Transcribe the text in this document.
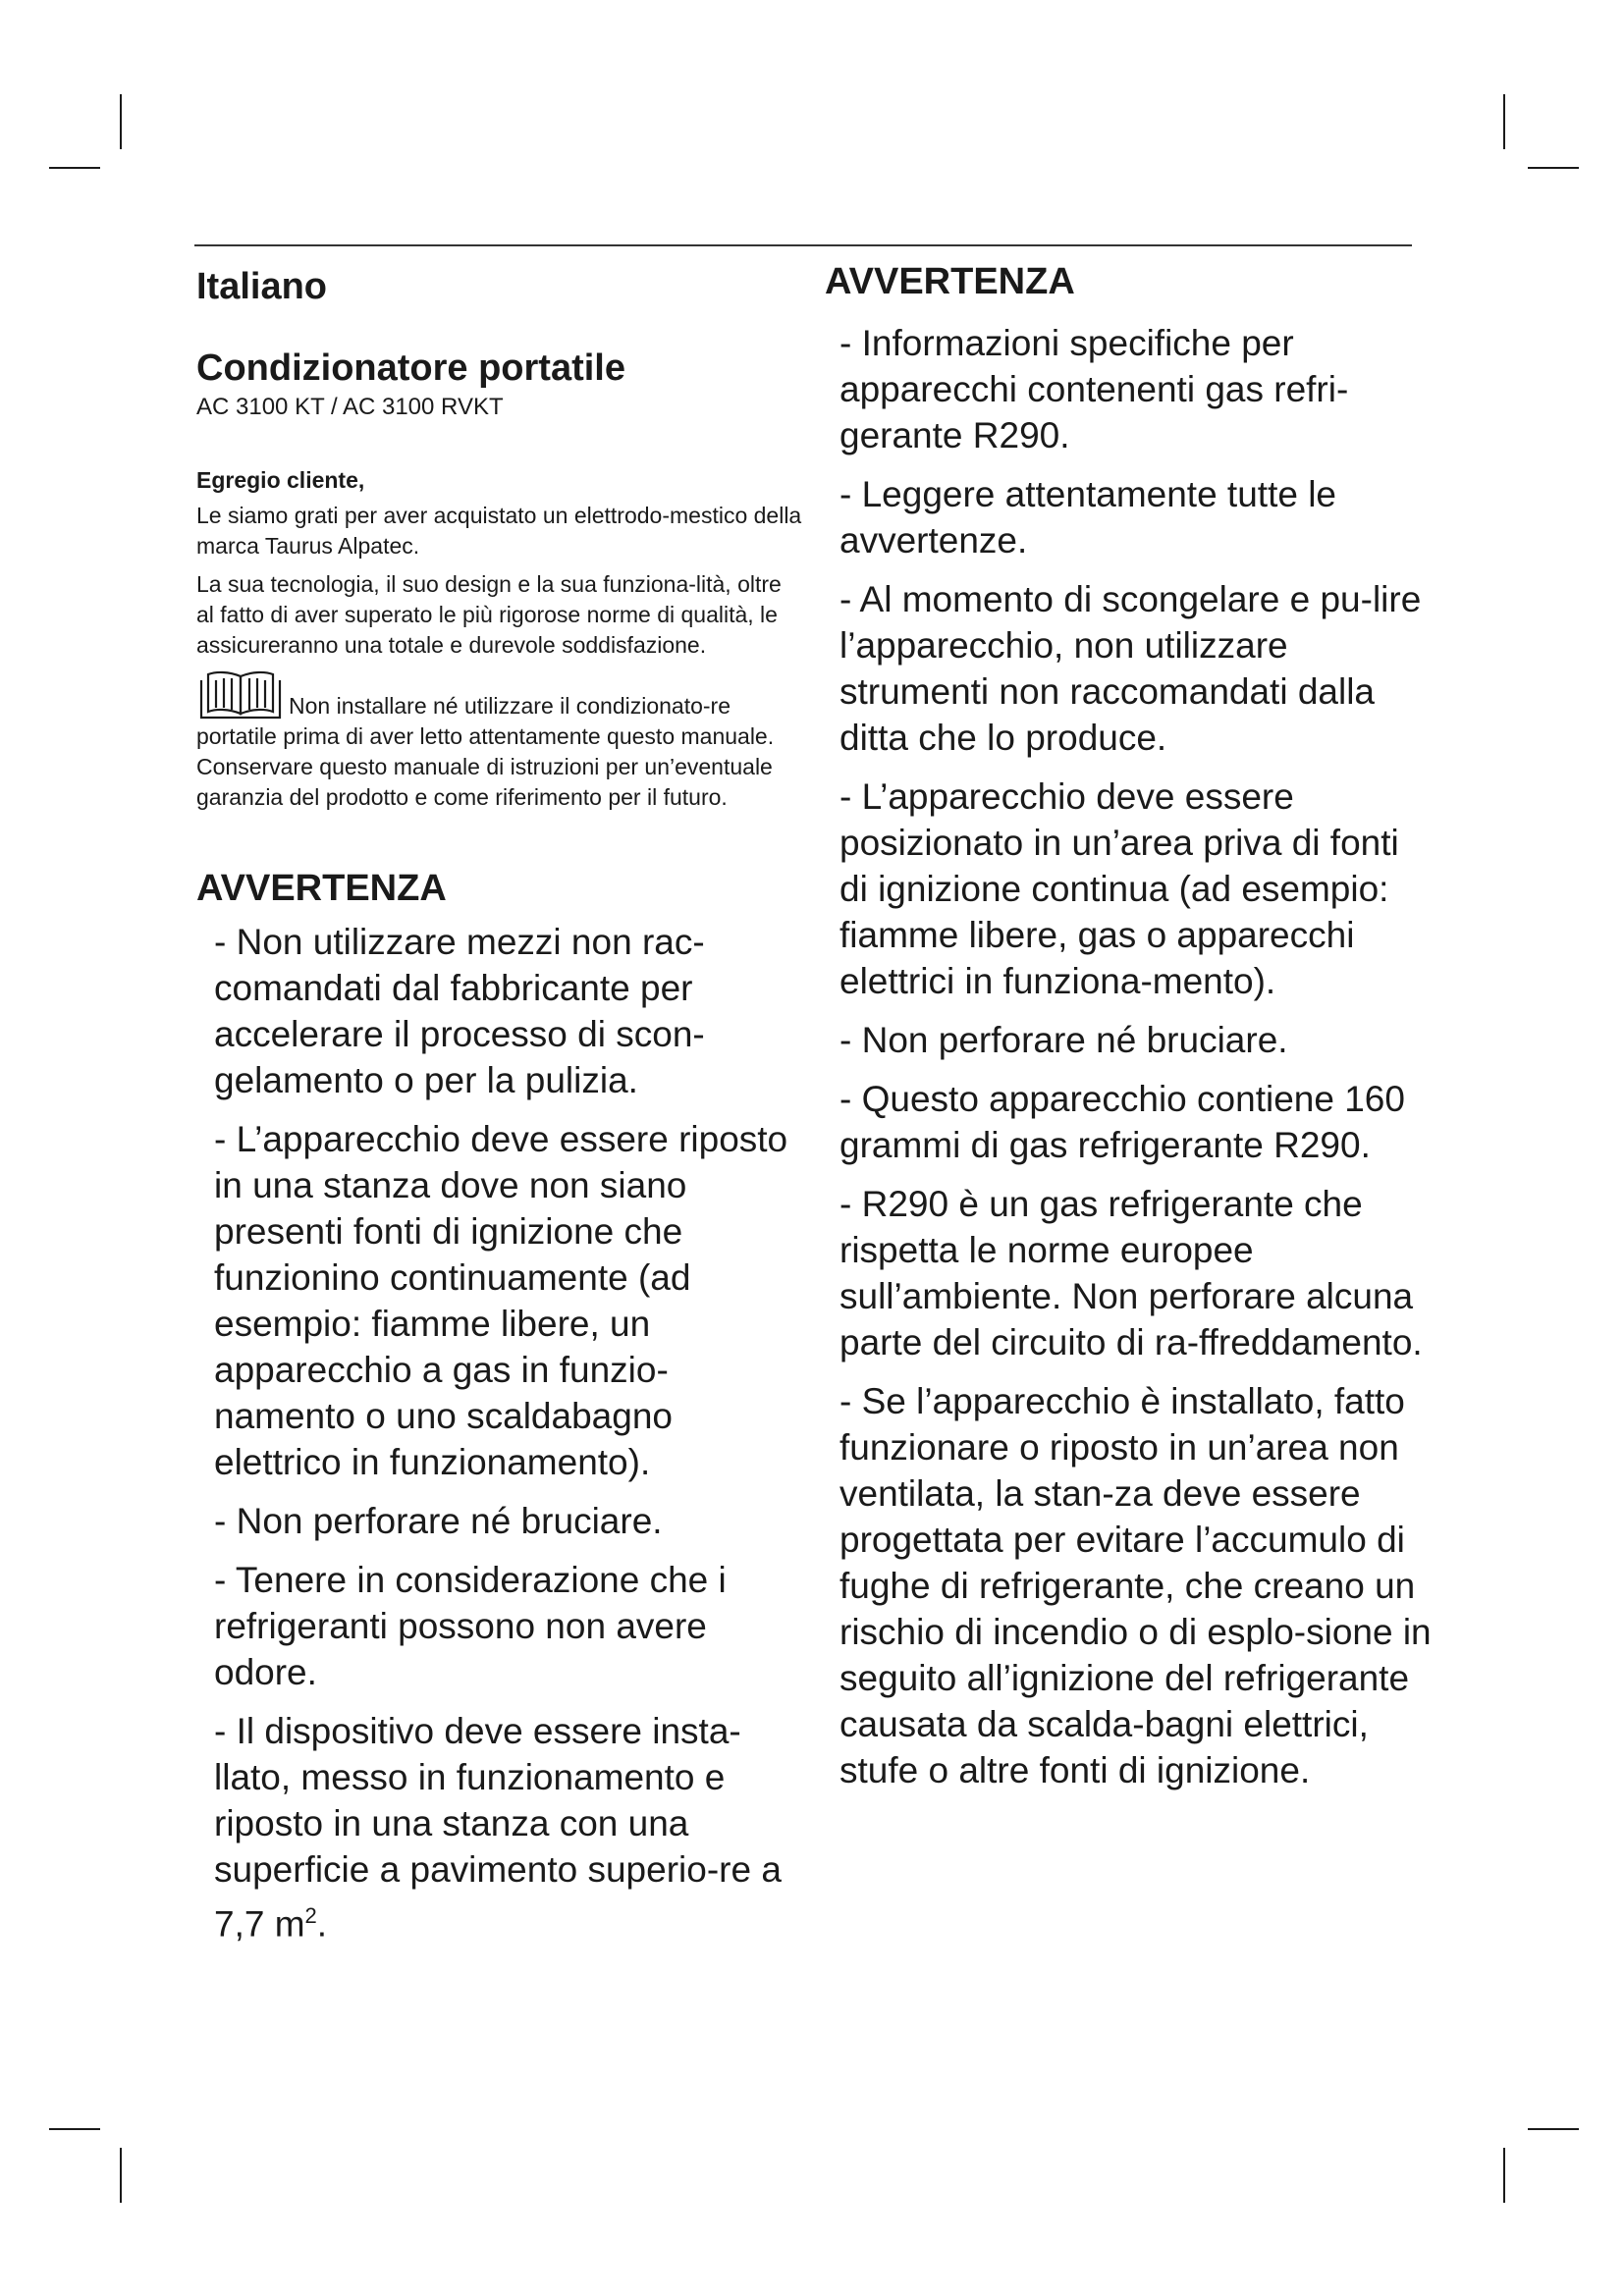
Italiano
Condizionatore portatile

AC 3100 KT / AC 3100 RVKT

Egregio cliente,

Le siamo grati per aver acquistato un elettrodo-mestico della marca Taurus Alpatec.

La sua tecnologia, il suo design e la sua funziona-lità, oltre al fatto di aver superato le più rigorose norme di qualità, le assicureranno una totale e durevole soddisfazione.

Non installare né utilizzare il condizionato-re portatile prima di aver letto attentamente questo manuale. Conservare questo manuale di istruzioni per un’eventuale garanzia del prodotto e come riferimento per il futuro.

AVVERTENZA
- Non utilizzare mezzi non rac-comandati dal fabbricante per accelerare il processo di scon-gelamento o per la pulizia.
- L’apparecchio deve essere riposto in una stanza dove non siano presenti fonti di ignizione che funzionino continuamente (ad esempio: fiamme libere, un apparecchio a gas in funzio-namento o uno scaldabagno elettrico in funzionamento).
- Non perforare né bruciare.
- Tenere in considerazione che i refrigeranti possono non avere odore.
- Il dispositivo deve essere insta-llato, messo in funzionamento e riposto in una stanza con una superficie a pavimento superio-re a 7,7 $m^2$.
AVVERTENZA
- Informazioni specifiche per apparecchi contenenti gas refri-gerante R290.
- Leggere attentamente tutte le avvertenze.
- Al momento di scongelare e pu-lire l’apparecchio, non utilizzare strumenti non raccomandati dalla ditta che lo produce.
- L’apparecchio deve essere posizionato in un’area priva di fonti di ignizione continua (ad esempio: fiamme libere, gas o apparecchi elettrici in funziona-mento).
- Non perforare né bruciare.
- Questo apparecchio contiene 160 grammi di gas refrigerante R290.
- R290 è un gas refrigerante che rispetta le norme europee sull’ambiente. Non perforare alcuna parte del circuito di ra-ffreddamento.
- Se l’apparecchio è installato, fatto funzionare o riposto in un’area non ventilata, la stan-za deve essere progettata per evitare l’accumulo di fughe di refrigerante, che creano un rischio di incendio o di esplo-sione in seguito all’ignizione del refrigerante causata da scalda-bagni elettrici, stufe o altre fonti di ignizione.
